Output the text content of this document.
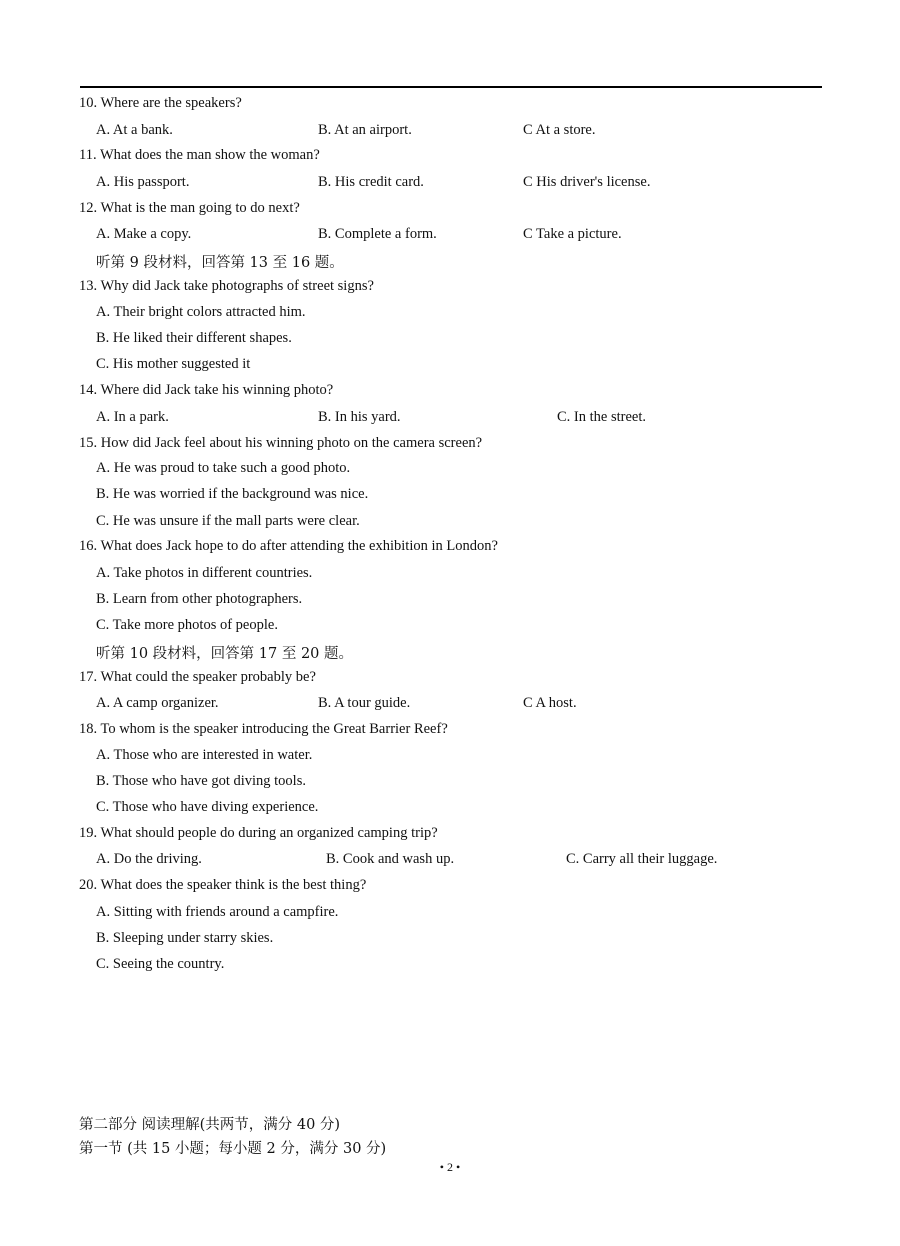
10. Where are the speakers?
A. At a bank.	B. At an airport.	C At a store.
11. What does the man show the woman?
A. His passport.	B. His credit card.	C His driver's license.
12. What is the man going to do next?
A. Make a copy.	B. Complete a form.	C Take a picture.
听第 9 段材料，回答第 13 至 16 题。
13. Why did Jack take photographs of street signs?
A. Their bright colors attracted him.
B. He liked their different shapes.
C. His mother suggested it
14. Where did Jack take his winning photo?
A. In a park.	B. In his yard.	C. In the street.
15. How did Jack feel about his winning photo on the camera screen?
A. He was proud to take such a good photo.
B. He was worried if the background was nice.
C. He was unsure if the mall parts were clear.
16. What does Jack hope to do after attending the exhibition in London?
A. Take photos in different countries.
B. Learn from other photographers.
C. Take more photos of people.
听第 10 段材料，回答第 17 至 20 题。
17. What could the speaker probably be?
A. A camp organizer.	B. A tour guide.	C A host.
18. To whom is the speaker introducing the Great Barrier Reef?
A. Those who are interested in water.
B. Those who have got diving tools.
C. Those who have diving experience.
19. What should people do during an organized camping trip?
A. Do the driving.	B. Cook and wash up.	C. Carry all their luggage.
20. What does the speaker think is the best thing?
A. Sitting with friends around a campfire.
B. Sleeping under starry skies.
C. Seeing the country.
第二部分 阅读理解(共两节，满分 40 分)
第一节 (共 15 小题；每小题 2 分，满分 30 分)
• 2 •
